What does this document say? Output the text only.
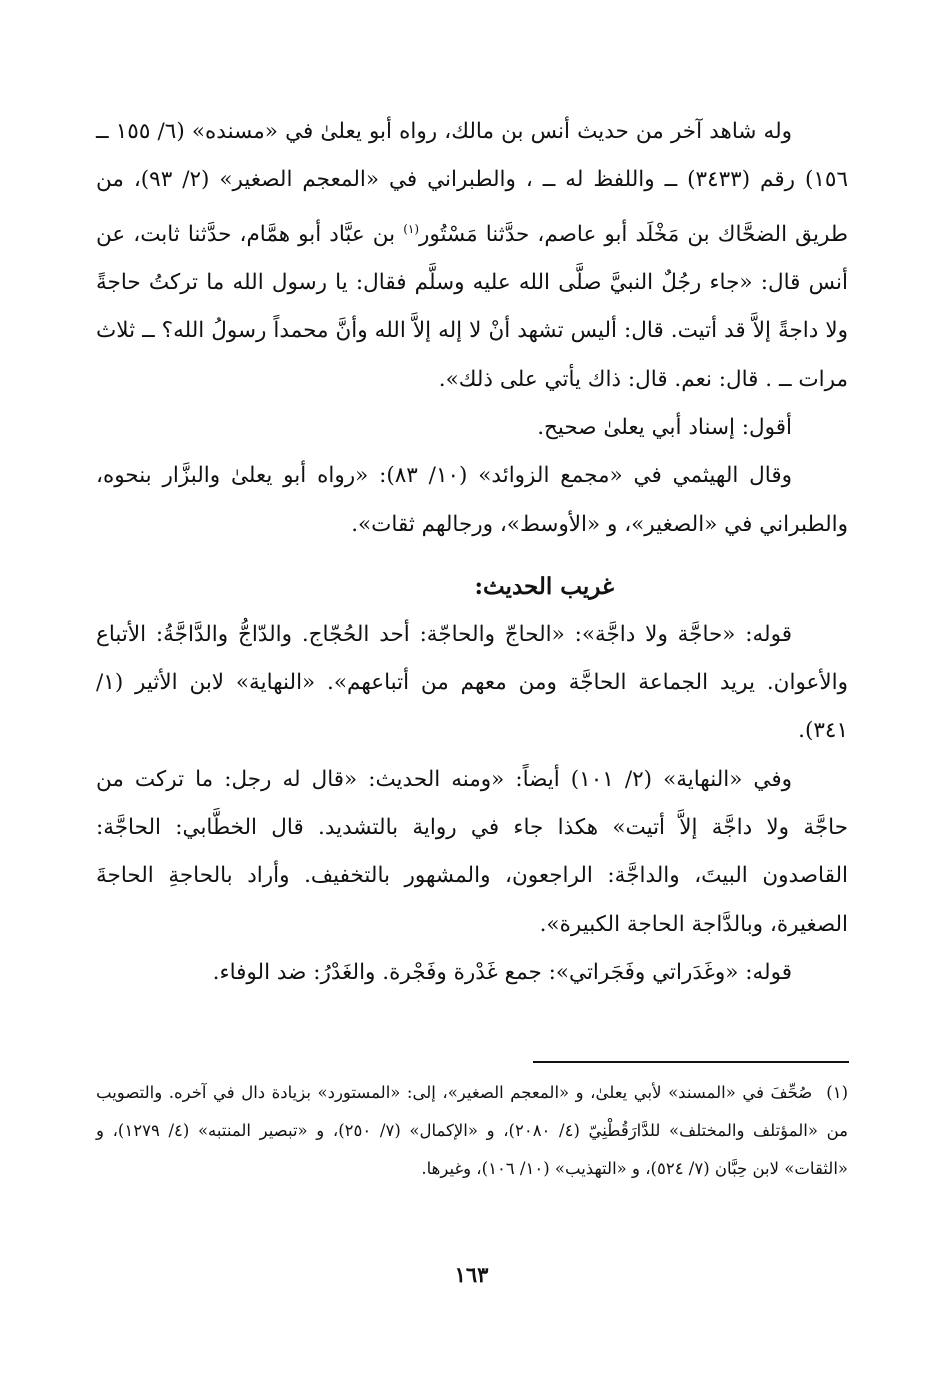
وله شاهد آخر من حديث أنس بن مالك، رواه أبو يعلىٰ في «مسنده» (٦/ ١٥٥ ــ ١٥٦) رقم (٣٤٣٣) ــ واللفظ له ــ ، والطبراني في «المعجم الصغير» (٢/ ٩٣)، من طريق الضحَّاك بن مَخْلَد أبو عاصم، حدَّثنا مَسْتُور$^{(١)}$ بن عبَّاد أبو همَّام، حدَّثنا ثابت، عن أنس قال: «جاء رجُلٌ النبيَّ صلَّى الله عليه وسلَّم فقال: يا رسول الله ما تركتُ حاجةً ولا داجةً إلاَّ قد أتيت. قال: أليس تشهد أنْ لا إله إلاَّ الله وأنَّ محمداً رسولُ الله؟ ــ ثلاث مرات ــ . قال: نعم. قال: ذاك يأتي على ذلك».

أقول: إسناد أبي يعلىٰ صحيح.

وقال الهيثمي في «مجمع الزوائد» (١٠/ ٨٣): «رواه أبو يعلىٰ والبزَّار بنحوه، والطبراني في «الصغير»، و «الأوسط»، ورجالهم ثقات».

غريب الحديث:

قوله: «حاجَّة ولا داجَّة»: «الحاجّ والحاجّة: أحد الحُجّاج. والدّاجُّ والدَّاجَّةُ: الأتباع والأعوان. يريد الجماعة الحاجَّة ومن معهم من أتباعهم». «النهاية» لابن الأثير (١/ ٣٤١).

وفي «النهاية» (٢/ ١٠١) أيضاً: «ومنه الحديث: «قال له رجل: ما تركت من حاجَّة ولا داجَّة إلاَّ أتيت» هكذا جاء في رواية بالتشديد. قال الخطَّابي: الحاجَّة: القاصدون البيتَ، والداجَّة: الراجعون، والمشهور بالتخفيف. وأراد بالحاجةِ الحاجةَ الصغيرة، وبالدَّاجة الحاجة الكبيرة».

قوله: «وغَدَراتي وفَجَراتي»: جمع غَدْرة وفَجْرة. والغَدْرُ: ضد الوفاء.

(١)صُحِّفَ في «المسند» لأبي يعلىٰ، و «المعجم الصغير»، إلى: «المستورد» بزيادة دال في آخره. والتصويب من «المؤتلف والمختلف» للدَّارَقُطْنِيّ (٤/ ٢٠٨٠)، و «الإكمال» (٧/ ٢٥٠)، و «تبصير المنتبه» (٤/ ١٢٧٩)، و «الثقات» لابن حِبَّان (٧/ ٥٢٤)، و «التهذيب» (١٠/ ١٠٦)، وغيرها.

١٦٣
